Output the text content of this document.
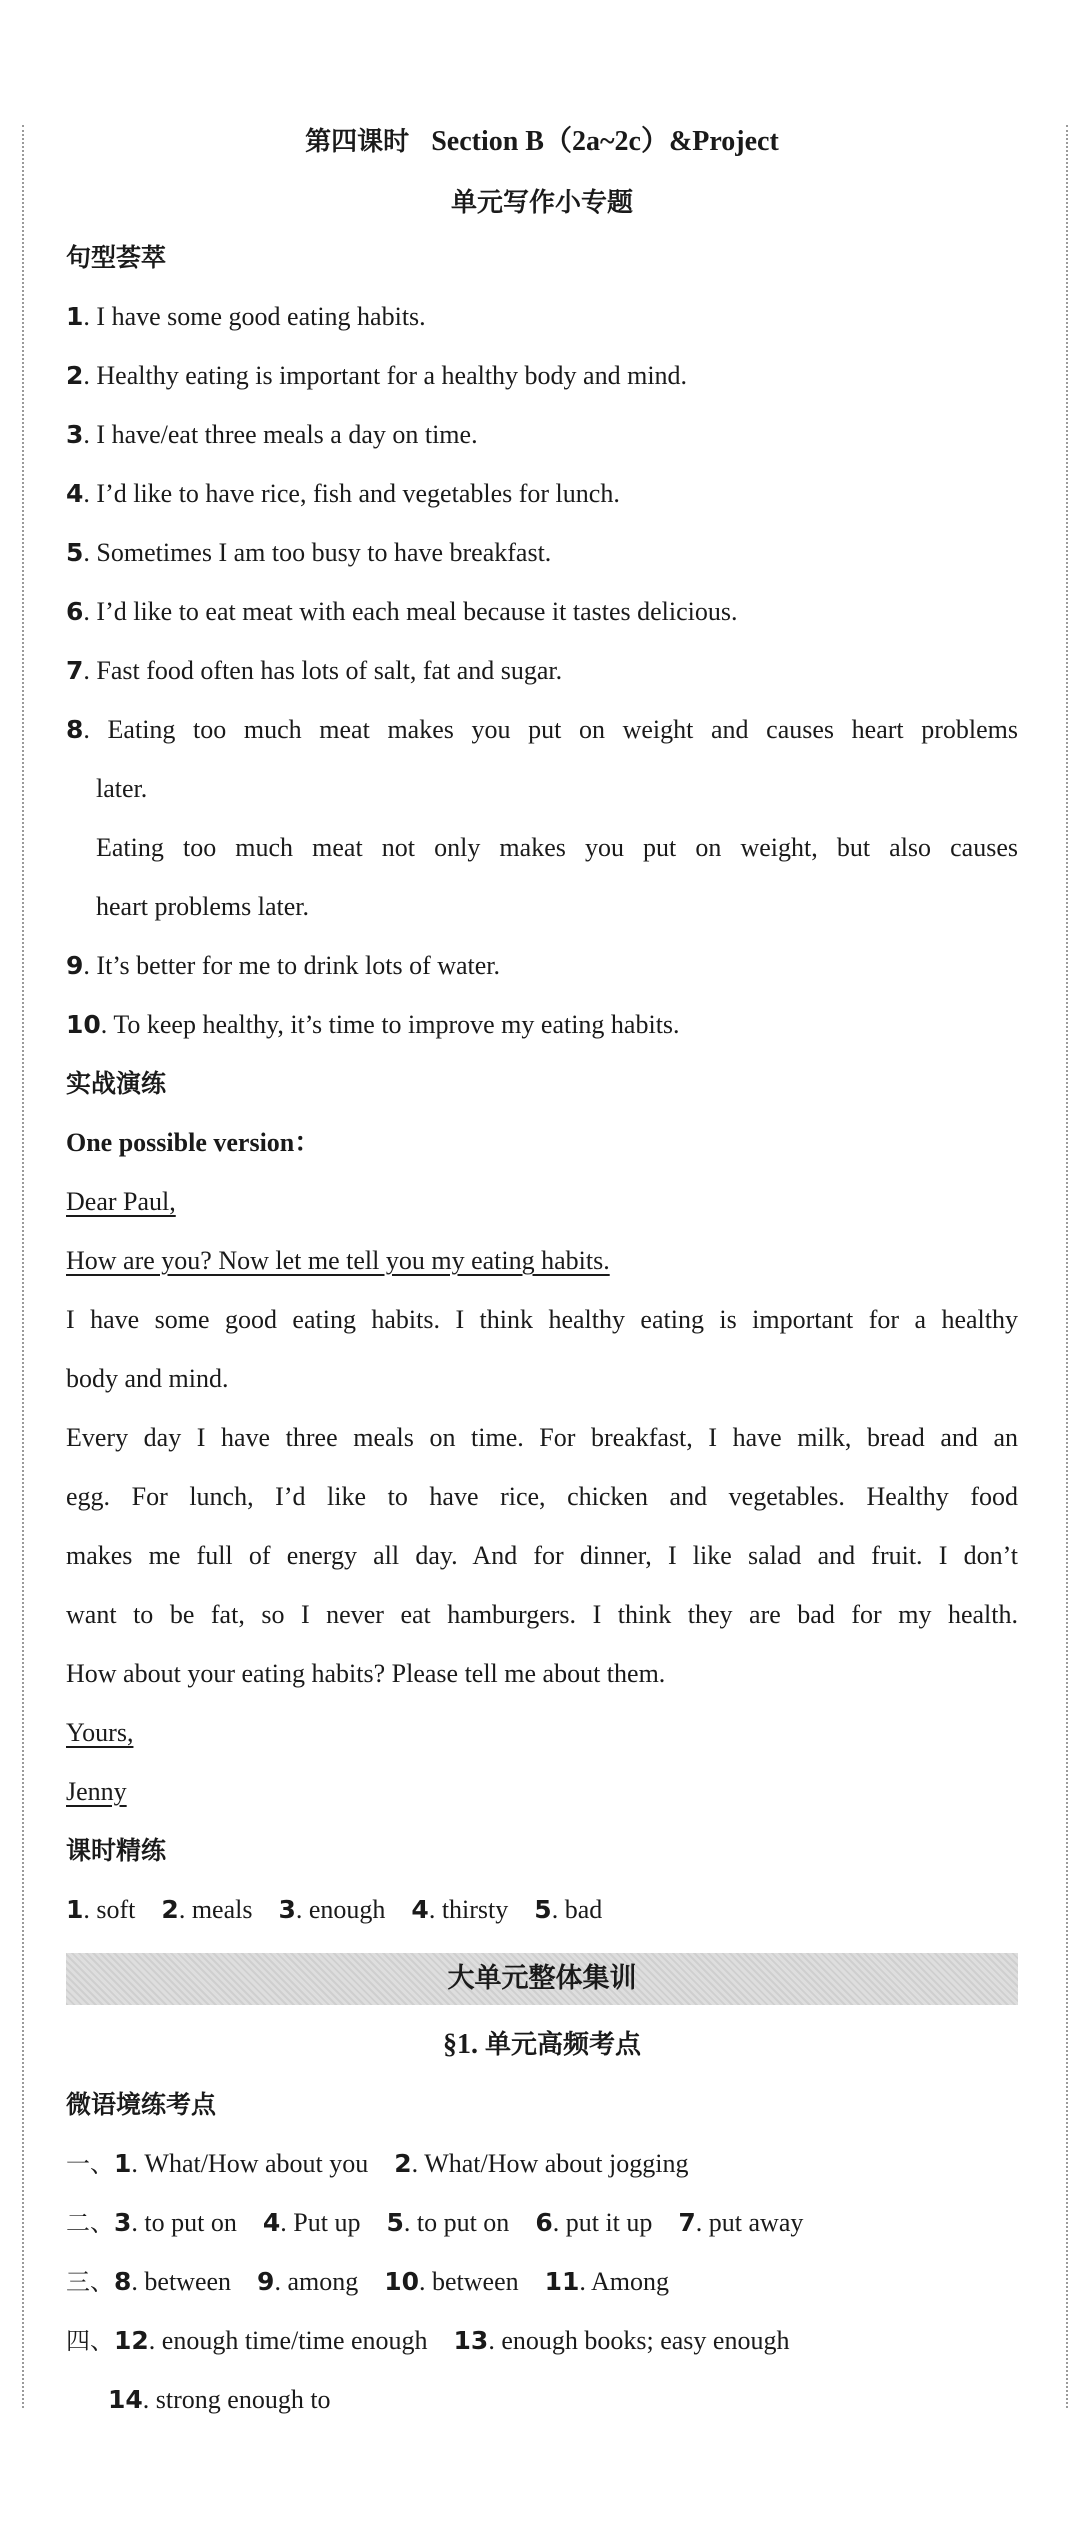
第四课时 Section B（2a~2c）&Project
单元写作小专题
句型荟萃
1. I have some good eating habits.
2. Healthy eating is important for a healthy body and mind.
3. I have/eat three meals a day on time.
4. I’d like to have rice, fish and vegetables for lunch.
5. Sometimes I am too busy to have breakfast.
6. I’d like to eat meat with each meal because it tastes delicious.
7. Fast food often has lots of salt, fat and sugar.
8. Eating too much meat makes you put on weight and causes heart problems
later.
Eating too much meat not only makes you put on weight, but also causes
heart problems later.
9. It’s better for me to drink lots of water.
10. To keep healthy, it’s time to improve my eating habits.
实战演练
One possible version：
Dear Paul,
How are you? Now let me tell you my eating habits.
I have some good eating habits. I think healthy eating is important for a healthy
body and mind.
Every day I have three meals on time. For breakfast, I have milk, bread and an
egg. For lunch, I’d like to have rice, chicken and vegetables. Healthy food
makes me full of energy all day. And for dinner, I like salad and fruit. I don’t
want to be fat, so I never eat hamburgers. I think they are bad for my health.
How about your eating habits? Please tell me about them.
Yours,
Jenny
课时精练
1. soft 2. meals 3. enough 4. thirsty 5. bad
大单元整体集训
§1. 单元高频考点
微语境练考点
一、1. What/How about you 2. What/How about jogging
二、3. to put on 4. Put up 5. to put on 6. put it up 7. put away
三、8. between 9. among 10. between 11. Among
四、12. enough time/time enough 13. enough books; easy enough
14. strong enough to
